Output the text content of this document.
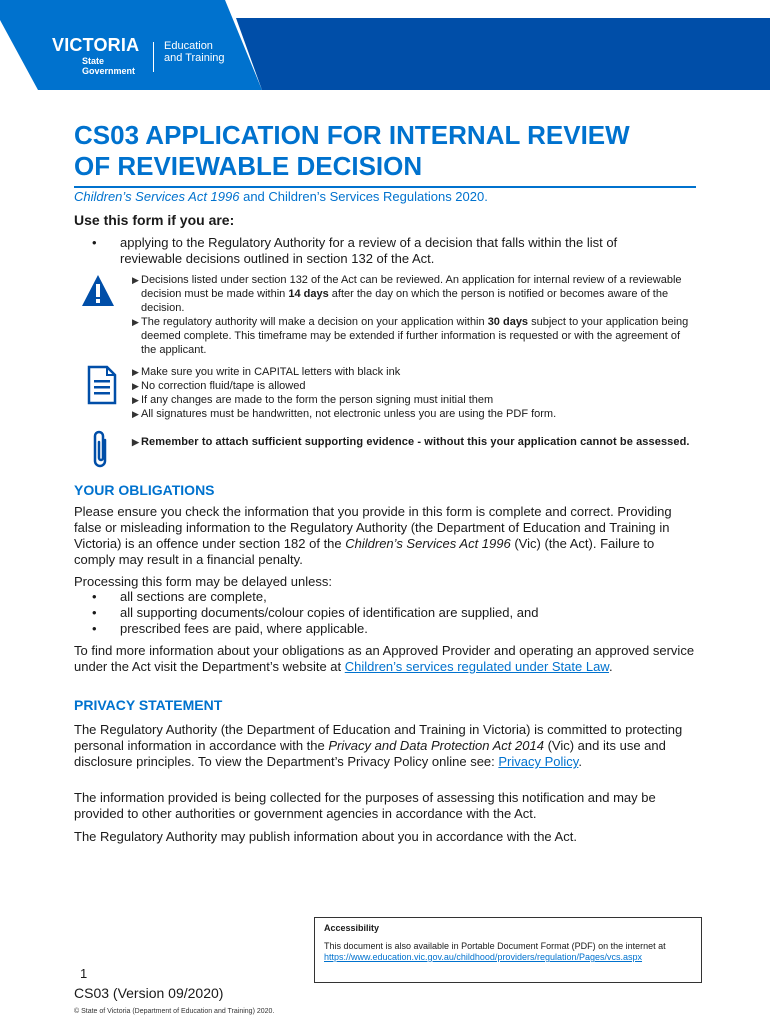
VICTORIA
State
Government
Education
and Training
CS03 APPLICATION FOR INTERNAL REVIEW
OF REVIEWABLE DECISION
Children’s Services Act 1996 and Children’s Services Regulations 2020.
Use this form if you are:
• applying to the Regulatory Authority for a review of a decision that falls within the list of reviewable decisions outlined in section 132 of the Act.
▶ Decisions listed under section 132 of the Act can be reviewed. An application for internal review of a reviewable decision must be made within 14 days after the day on which the person is notified or becomes aware of the decision.
▶ The regulatory authority will make a decision on your application within 30 days subject to your application being deemed complete. This timeframe may be extended if further information is requested or with the agreement of the applicant.
▶ Make sure you write in CAPITAL letters with black ink
▶ No correction fluid/tape is allowed
▶ If any changes are made to the form the person signing must initial them
▶ All signatures must be handwritten, not electronic unless you are using the PDF form.
▶ Remember to attach sufficient supporting evidence - without this your application cannot be assessed.
YOUR OBLIGATIONS

Please ensure you check the information that you provide in this form is complete and correct. Providing false or misleading information to the Regulatory Authority (the Department of Education and Training in Victoria) is an offence under section 182 of the Children’s Services Act 1996 (Vic) (the Act). Failure to comply may result in a financial penalty.

Processing this form may be delayed unless:

• all sections are complete,
• all supporting documents/colour copies of identification are supplied, and
• prescribed fees are paid, where applicable.

To find more information about your obligations as an Approved Provider and operating an approved service under the Act visit the Department’s website at Children’s services regulated under State Law.

PRIVACY STATEMENT

The Regulatory Authority (the Department of Education and Training in Victoria) is committed to protecting personal information in accordance with the Privacy and Data Protection Act 2014 (Vic) and its use and disclosure principles. To view the Department’s Privacy Policy online see: Privacy Policy.

The information provided is being collected for the purposes of assessing this notification and may be provided to other authorities or government agencies in accordance with the Act.

The Regulatory Authority may publish information about you in accordance with the Act.

Accessibility
This document is also available in Portable Document Format (PDF) on the internet at
https://www.education.vic.gov.au/childhood/providers/regulation/Pages/vcs.aspx
1
CS03 (Version 09/2020)
© State of Victoria (Department of Education and Training) 2020.
